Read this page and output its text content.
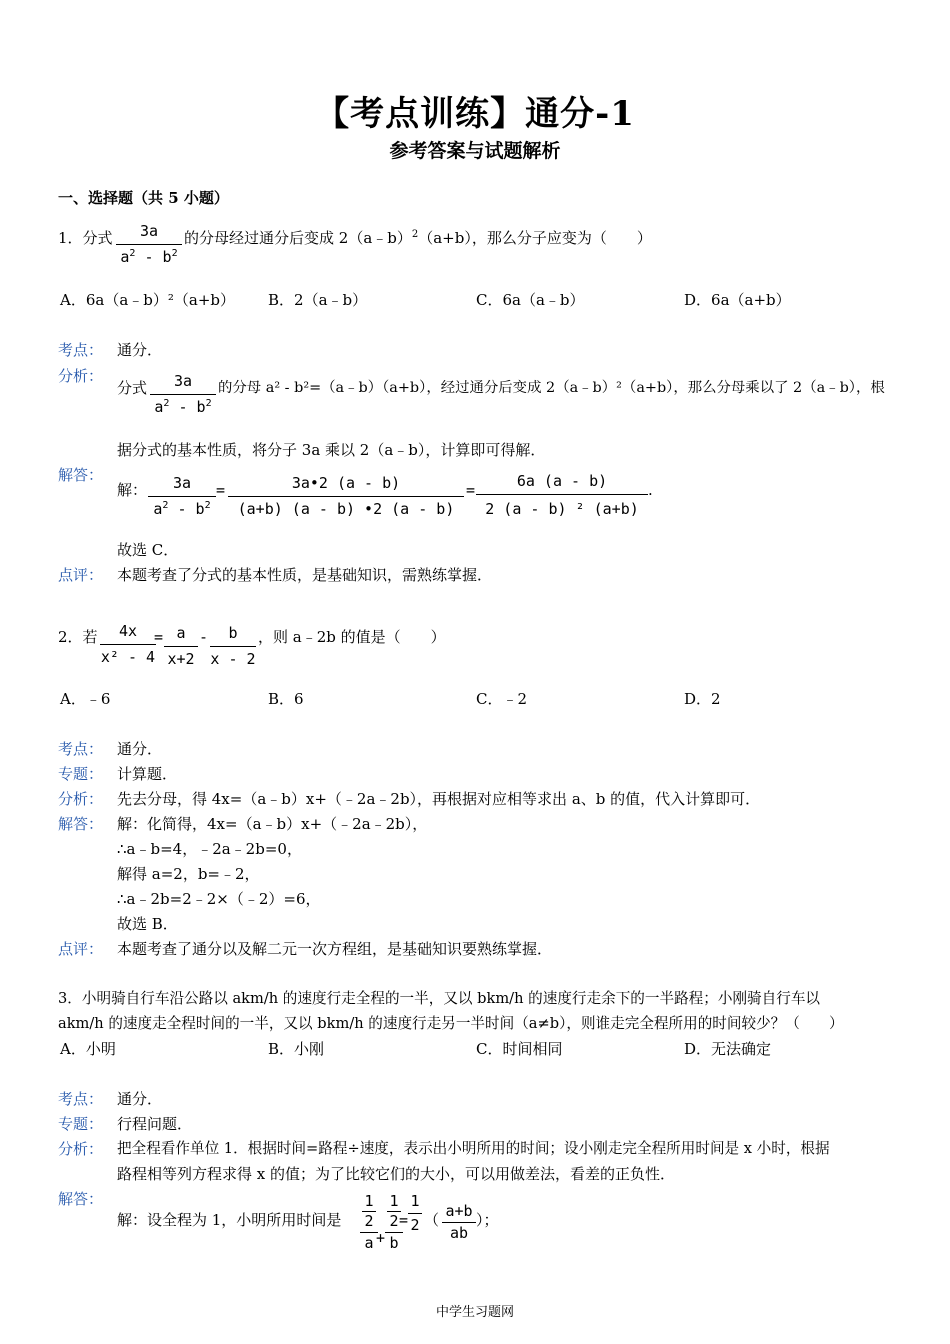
【考点训练】通分-1
参考答案与试题解析
一、选择题（共 5 小题）
1．分式	3a
$a^2 - b^2$
的分母经过通分后变成 2（a﹣b）$^2$（a+b），那么分子应变为（　　）
A．6a（a﹣b）²（a+b） B．2（a﹣b）	C．6a（a﹣b）	D．6a（a+b）
考点： 通分．
分析：
分式	3a
$a^2 - b^2$
的分母 a² - b²=（a﹣b）（a+b），经过通分后变成 2（a﹣b）²（a+b），那么分母乘以了 2（a﹣b），根
据分式的基本性质，将分子 3a 乘以 2（a﹣b），计算即可得解．
解答：
解：	3a
$a^2 - b^2$
=	3a•2 (a - b)
(a+b) (a - b) •2 (a - b)
=	6a (a - b)
2 (a - b) ² (a+b)
.
故选 C．
点评： 本题考查了分式的基本性质，是基础知识，需熟练掌握．
2．若	4x
x² - 4
= a
x+2
-	b
x - 2
，则 a﹣2b 的值是（　　）
A．﹣6	B．6	C．﹣2	D．2
考点： 通分．
专题： 计算题．
分析： 先去分母，得 4x=（a﹣b）x+（﹣2a﹣2b），再根据对应相等求出 a、b 的值，代入计算即可．
解答： 解：化简得，4x=（a﹣b）x+（﹣2a﹣2b），
∴a﹣b=4，﹣2a﹣2b=0，
解得 a=2，b=﹣2，
∴a﹣2b=2﹣2×（﹣2）=6，
故选 B．
点评： 本题考查了通分以及解二元一次方程组，是基础知识要熟练掌握．
3．小明骑自行车沿公路以 akm/h 的速度行走全程的一半，又以 bkm/h 的速度行走余下的一半路程；小刚骑自行车以
akm/h 的速度走全程时间的一半，又以 bkm/h 的速度行走另一半时间（a≠b），则谁走完全程所用的时间较少？（　　）
A．小明	B．小刚	C．时间相同	D．无法确定
考点： 通分．
专题： 行程问题．
分析： 把全程看作单位 1．根据时间=路程÷速度，表示出小明所用的时间；设小刚走完全程所用时间是 x 小时，根据
路程相等列方程求得 x 的值；为了比较它们的大小，可以用做差法，看差的正负性．
解答：
解：设全程为 1，小明所用时间是
1
2
a +
1
2
b
=
1
2 （ a+b
ab
）；
中学生习题网
